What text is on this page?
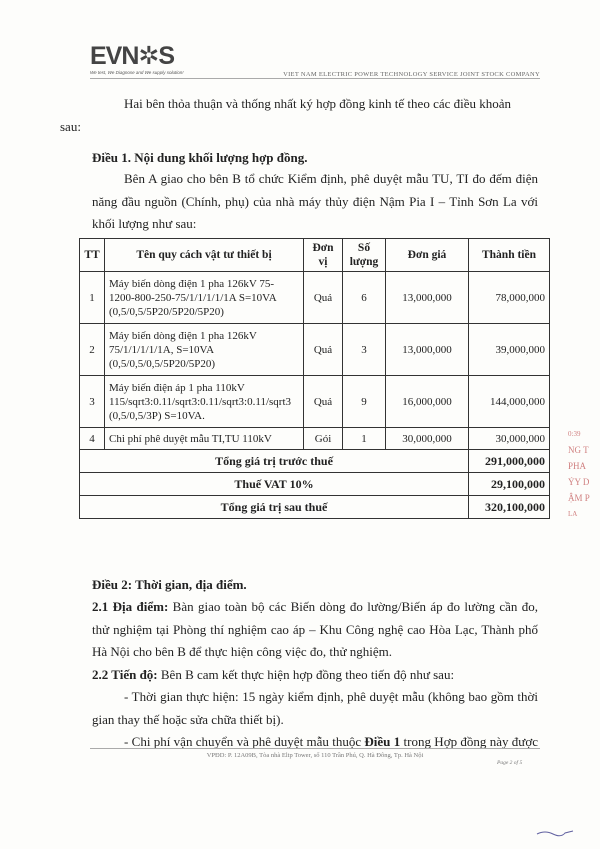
EVN✲S
We test, We Diagnose and We supply solution!	VIET NAM ELECTRIC POWER TECHNOLOGY SERVICE JOINT STOCK COMPANY
Hai bên thỏa thuận và thống nhất ký hợp đồng kinh tế theo các điều khoản
sau:
Điều 1. Nội dung khối lượng hợp đồng.
Bên A giao cho bên B tổ chức Kiểm định, phê duyệt mẫu TU, TI đo đếm điện năng đầu nguồn (Chính, phụ) của nhà máy thủy điện Nậm Pia I – Tỉnh Sơn La với khối lượng như sau:
TT	Tên quy cách vật tư thiết bị	Đơn vị	Số lượng	Đơn giá	Thành tiền
1	Máy biến dòng điện 1 pha 126kV 75-1200-800-250-75/1/1/1/1/1A S=10VA (0,5/0,5/5P20/5P20/5P20)	Quả	6	13,000,000	78,000,000
2	Máy biến dòng điện 1 pha 126kV 75/1/1/1/1/1A, S=10VA (0,5/0,5/0,5/5P20/5P20)	Quả	3	13,000,000	39,000,000
3	Máy biến điện áp 1 pha 110kV 115/sqrt3:0.11/sqrt3:0.11/sqrt3:0.11/sqrt3 (0,5/0,5/3P) S=10VA.	Quả	9	16,000,000	144,000,000
4	Chi phí phê duyệt mẫu TI,TU 110kV	Gói	1	30,000,000	30,000,000
Tổng giá trị trước thuế					291,000,000
Thuế VAT 10%					29,100,000
Tổng giá trị sau thuế					320,100,000
Điều 2: Thời gian, địa điểm.
2.1 Địa điểm: Bàn giao toàn bộ các Biến dòng đo lường/Biến áp đo lường cần đo, thử nghiệm tại Phòng thí nghiệm cao áp – Khu Công nghệ cao Hòa Lạc, Thành phố Hà Nội cho bên B để thực hiện công việc đo, thử nghiệm.
2.2 Tiến độ: Bên B cam kết thực hiện hợp đồng theo tiến độ như sau:
- Thời gian thực hiện: 15 ngày kiểm định, phê duyệt mẫu (không bao gồm thời gian thay thế hoặc sửa chữa thiết bị).
- Chi phí vận chuyển và phê duyệt mẫu thuộc Điều 1 trong Hợp đồng này được
VPĐD: P. 12A09B, Tòa nhà Eltp Tower, số 110 Trần Phú, Q. Hà Đông, Tp. Hà Nội
Page 2 of 5
0:39
NG T
PHA
ỶY D
ẬM P
LA
